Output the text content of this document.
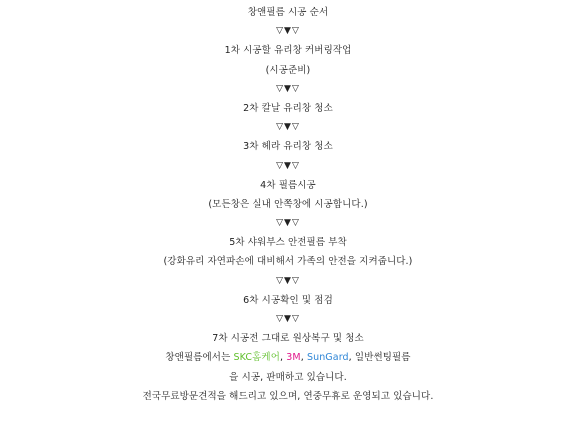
창앤필름 시공 순서
▽▼▽
1차 시공할 유리창 커버링작업
(시공준비)
▽▼▽
2차 칼날 유리창 청소
▽▼▽
3차 헤라 유리창 청소
▽▼▽
4차 필름시공
(모든창은 실내 안쪽창에 시공합니다.)
▽▼▽
5차 샤워부스 안전필름 부착
(강화유리 자연파손에 대비해서 가족의 안전을 지켜줍니다.)
▽▼▽
6차 시공확인 및 점검
▽▼▽
7차 시공전 그대로 원상복구 및 청소
창앤필름에서는 SKC홈케어, 3M, SunGard, 일반썬팅필름
을 시공, 판매하고 있습니다.
전국무료방문견적을 해드리고 있으며, 연중무휴로 운영되고 있습니다.
